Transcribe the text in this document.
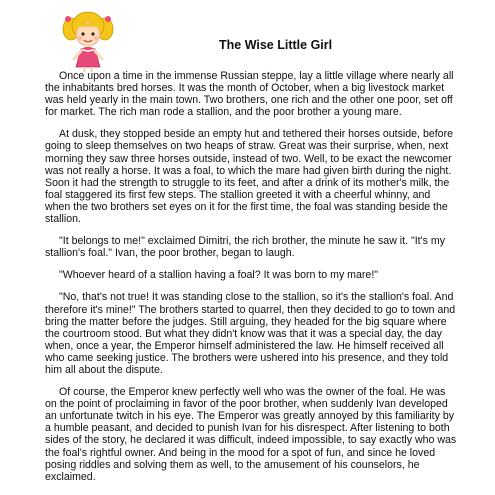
The Wise Little Girl

Once upon a time in the immense Russian steppe, lay a little village where nearly all the inhabitants bred horses. It was the month of October, when a big livestock market was held yearly in the main town. Two brothers, one rich and the other one poor, set off for market. The rich man rode a stallion, and the poor brother a young mare.

At dusk, they stopped beside an empty hut and tethered their horses outside, before going to sleep themselves on two heaps of straw. Great was their surprise, when, next morning they saw three horses outside, instead of two. Well, to be exact the newcomer was not really a horse. It was a foal, to which the mare had given birth during the night. Soon it had the strength to struggle to its feet, and after a drink of its mother's milk, the foal staggered its first few steps. The stallion greeted it with a cheerful whinny, and when the two brothers set eyes on it for the first time, the foal was standing beside the stallion.

"It belongs to me!" exclaimed Dimitri, the rich brother, the minute he saw it. "It's my stallion's foal." Ivan, the poor brother, began to laugh.

"Whoever heard of a stallion having a foal? It was born to my mare!"

"No, that's not true! It was standing close to the stallion, so it's the stallion's foal. And therefore it's mine!" The brothers started to quarrel, then they decided to go to town and bring the matter before the judges. Still arguing, they headed for the big square where the courtroom stood. But what they didn't know was that it was a special day, the day when, once a year, the Emperor himself administered the law. He himself received all who came seeking justice. The brothers were ushered into his presence, and they told him all about the dispute.

Of course, the Emperor knew perfectly well who was the owner of the foal. He was on the point of proclaiming in favor of the poor brother, when suddenly Ivan developed an unfortunate twitch in his eye. The Emperor was greatly annoyed by this familiarity by a humble peasant, and decided to punish Ivan for his disrespect. After listening to both sides of the story, he declared it was difficult, indeed impossible, to say exactly who was the foal's rightful owner. And being in the mood for a spot of fun, and since he loved posing riddles and solving them as well, to the amusement of his counselors, he exclaimed.
